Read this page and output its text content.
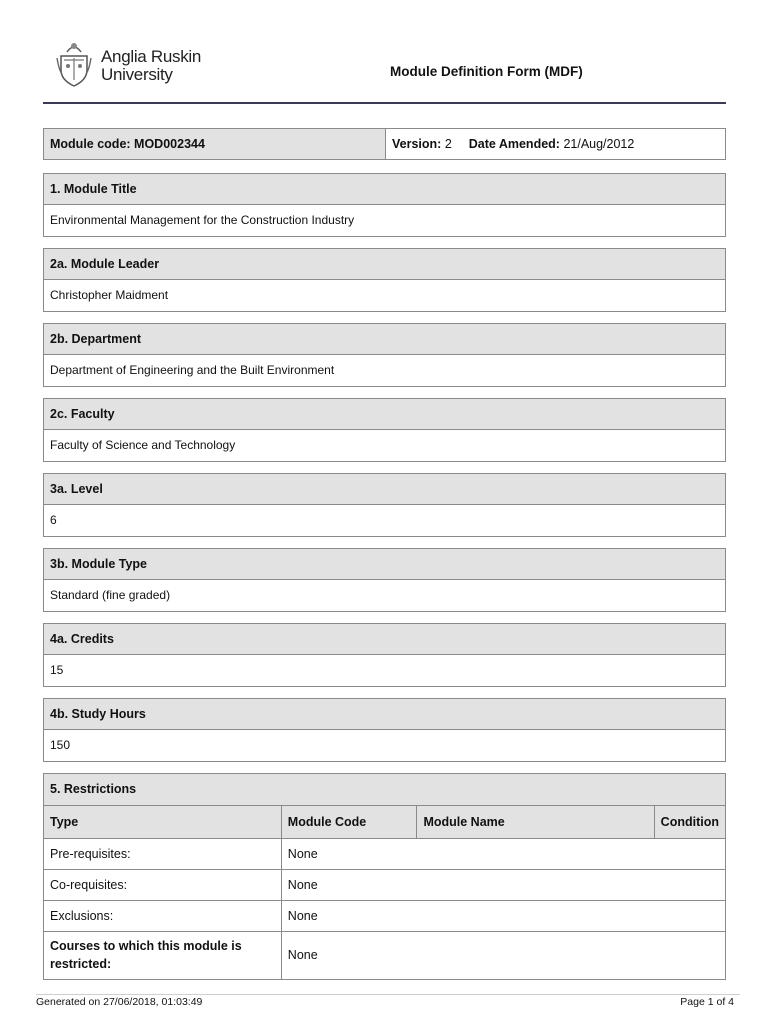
Anglia Ruskin
University	Module Definition Form (MDF)
Module code: MOD002344	Version: 2 Date Amended: 21/Aug/2012
1. Module Title
Environmental Management for the Construction Industry
2a. Module Leader
Christopher Maidment
2b. Department
Department of Engineering and the Built Environment
2c. Faculty
Faculty of Science and Technology
3a. Level
6
3b. Module Type
Standard (fine graded)
4a. Credits
15
4b. Study Hours
150
5. Restrictions
Type	Module Code	Module Name	Condition
Pre-requisites:	None		
Co-requisites:	None		
Exclusions:	None		
Courses to which this module is restricted:	None		
Generated on 27/06/2018, 01:03:49	Page 1 of 4
